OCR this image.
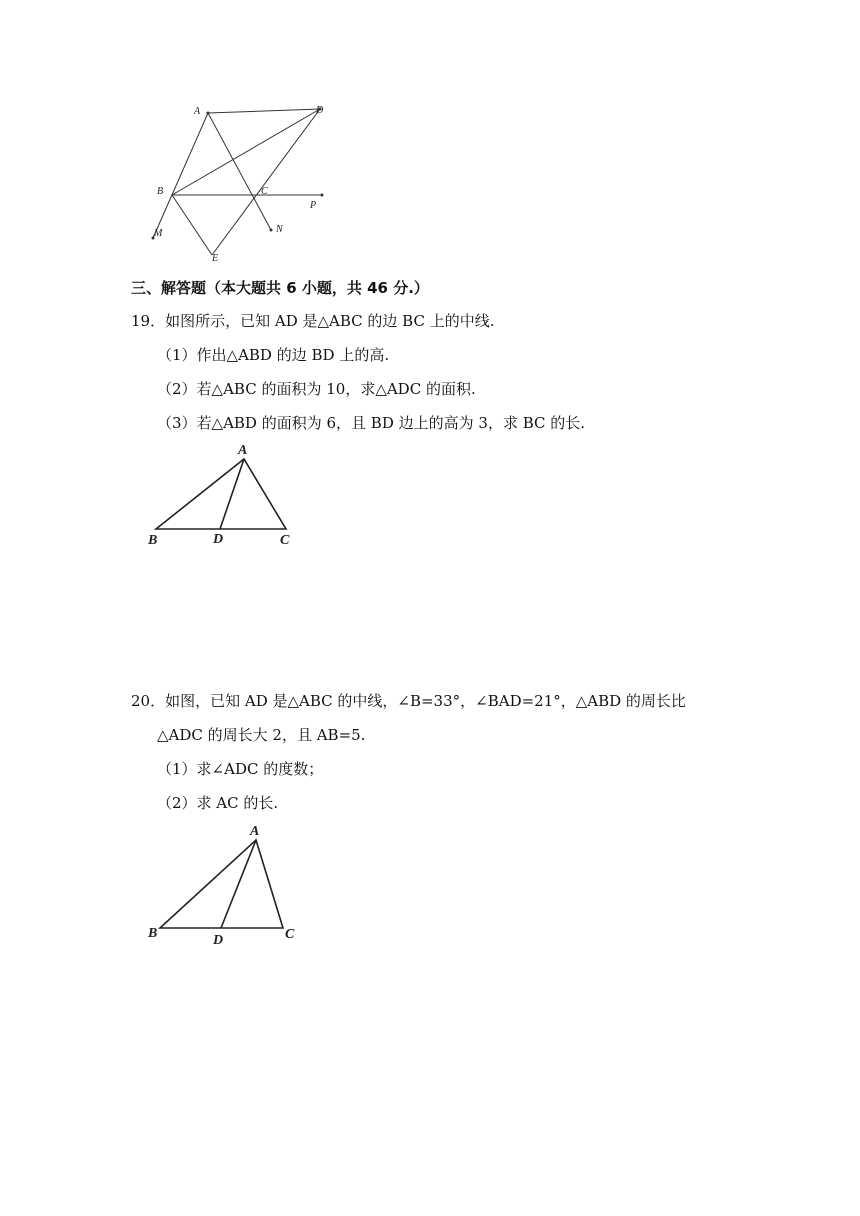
A	D
B	C
P
M	N
E
三、解答题（本大题共 6 小题，共 46 分.）
19．如图所示，已知 AD 是△ABC 的边 BC 上的中线.
（1）作出△ABD 的边 BD 上的高.
（2）若△ABC 的面积为 10，求△ADC 的面积.
（3）若△ABD 的面积为 6，且 BD 边上的高为 3，求 BC 的长.
A
B	D	C
20．如图，已知 AD 是△ABC 的中线，∠B=33°，∠BAD=21°，△ABD 的周长比
△ADC 的周长大 2，且 AB=5.
（1）求∠ADC 的度数；
（2）求 AC 的长.
A
B	D	C
